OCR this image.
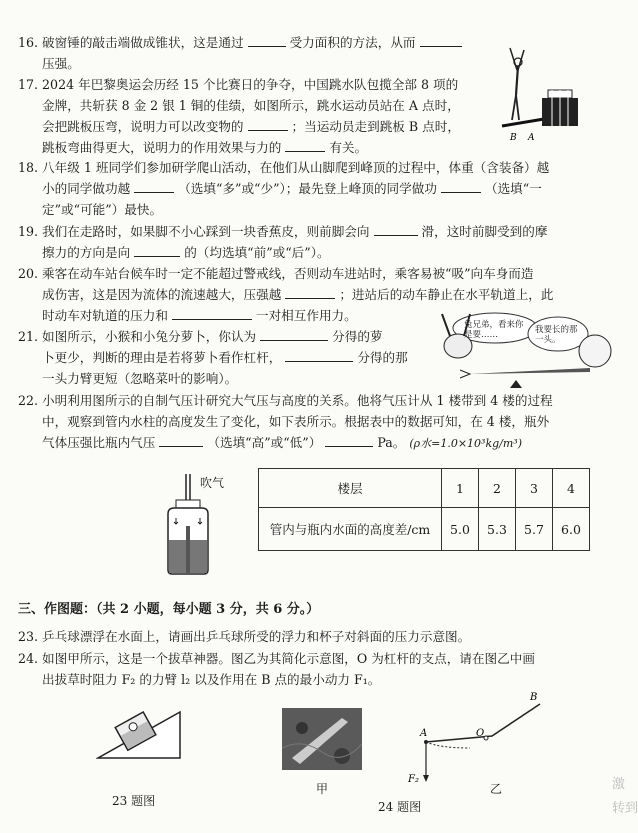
16. 破窗锤的敲击端做成锥状，这是通过	受力面积的方法，从而
压强。
17. 2024 年巴黎奥运会历经 15 个比赛日的争夺，中国跳水队包揽全部 8 项的
金牌，共斩获 8 金 2 银 1 铜的佳绩，如图所示，跳水运动员站在 A 点时，
会把跳板压弯，说明力可以改变物的	；当运动员走到跳板 B 点时，
跳板弯曲得更大，说明力的作用效果与力的	有关。
B A
18. 八年级 1 班同学们参加研学爬山活动，在他们从山脚爬到峰顶的过程中，体重（含装备）越
小的同学做功越	（选填“多”或“少”）；最先登上峰顶的同学做功	（选填“一
定”或“可能”）最快。
19. 我们在走路时，如果脚不小心踩到一块香蕉皮，则前脚会向	滑，这时前脚受到的摩
擦力的方向是向	的（均选填“前”或“后”）。
20. 乘客在动车站台候车时一定不能超过警戒线，否则动车进站时，乘客易被“吸”向车身而造
成伤害，这是因为流体的流速越大，压强越	；进站后的动车静止在水平轨道上，此
时动车对轨道的压力和	一对相互作用力。
21. 如图所示，小猴和小兔分萝卜，你认为	分得的萝
卜更少，判断的理由是若将萝卜看作杠杆，	分得的那
一头力臂更短（忽略菜叶的影响）。
兔兄弟，看来你是要……	我要长的那一头。
22. 小明利用图所示的自制气压计研究大气压与高度的关系。他将气压计从 1 楼带到 4 楼的过程
中，观察到管内水柱的高度发生了变化，如下表所示。根据表中的数据可知，在 4 楼，瓶外
气体压强比瓶内气压	（选填“高”或“低”）	Pa。 (ρ水=1.0×10³kg/m³)
吹气	楼层	1	2	3	4
管内与瓶内水面的高度差/cm	5.0	5.3	5.7	6.0
三、作图题：（共 2 小题，每小题 3 分，共 6 分。）
23. 乒乓球漂浮在水面上，请画出乒乓球所受的浮力和杯子对斜面的压力示意图。
24. 如图甲所示，这是一个拔草神器。图乙为其简化示意图，O 为杠杆的支点，请在图乙中画
出拔草时阻力 F₂ 的力臂 l₂ 以及作用在 B 点的最小动力 F₁。
23 题图
甲
24 题图
A	O
B
F₂
乙	激
转到
